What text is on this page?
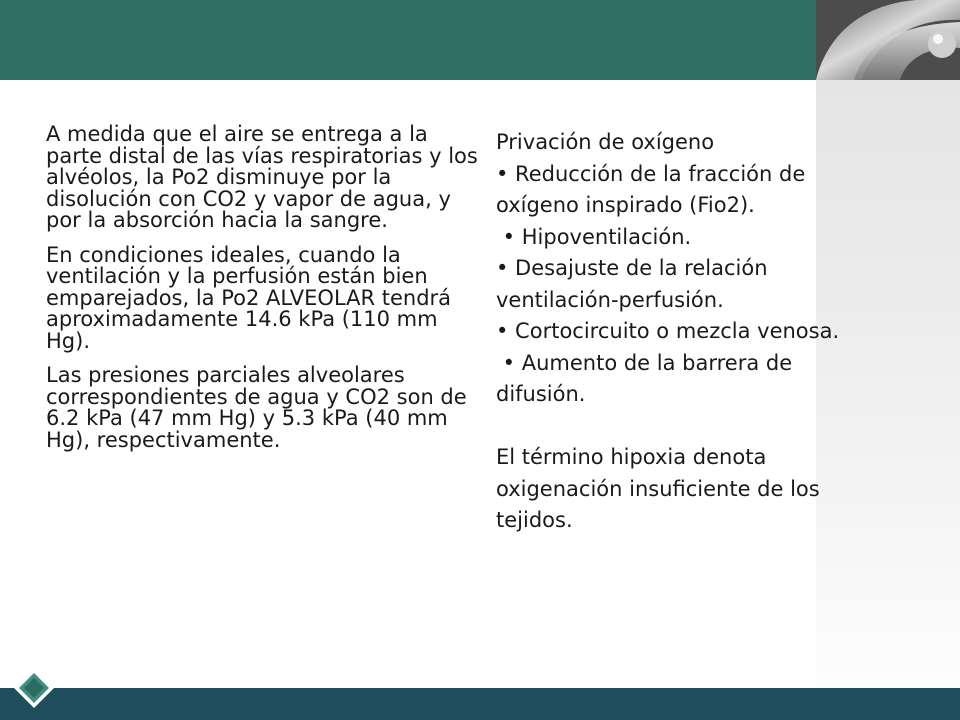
A medida que el aire se entrega a la parte distal de las vías respiratorias y los alvéolos, la Po2 disminuye por la disolución con CO2 y vapor de agua, y por la absorción hacia la sangre.

En condiciones ideales, cuando la ventilación y la perfusión están bien emparejados, la Po2 ALVEOLAR tendrá aproximadamente 14.6 kPa (110 mm Hg).

Las presiones parciales alveolares correspondientes de agua y CO2 son de 6.2 kPa (47 mm Hg) y 5.3 kPa (40 mm Hg), respectivamente.

Privación de oxígeno
• Reducción de la fracción de
oxígeno inspirado (Fio2).
• Hipoventilación.
• Desajuste de la relación
ventilación-perfusión.
• Cortocircuito o mezcla venosa.
• Aumento de la barrera de
difusión.
El término hipoxia denota
oxigenación insuficiente de los
tejidos.
